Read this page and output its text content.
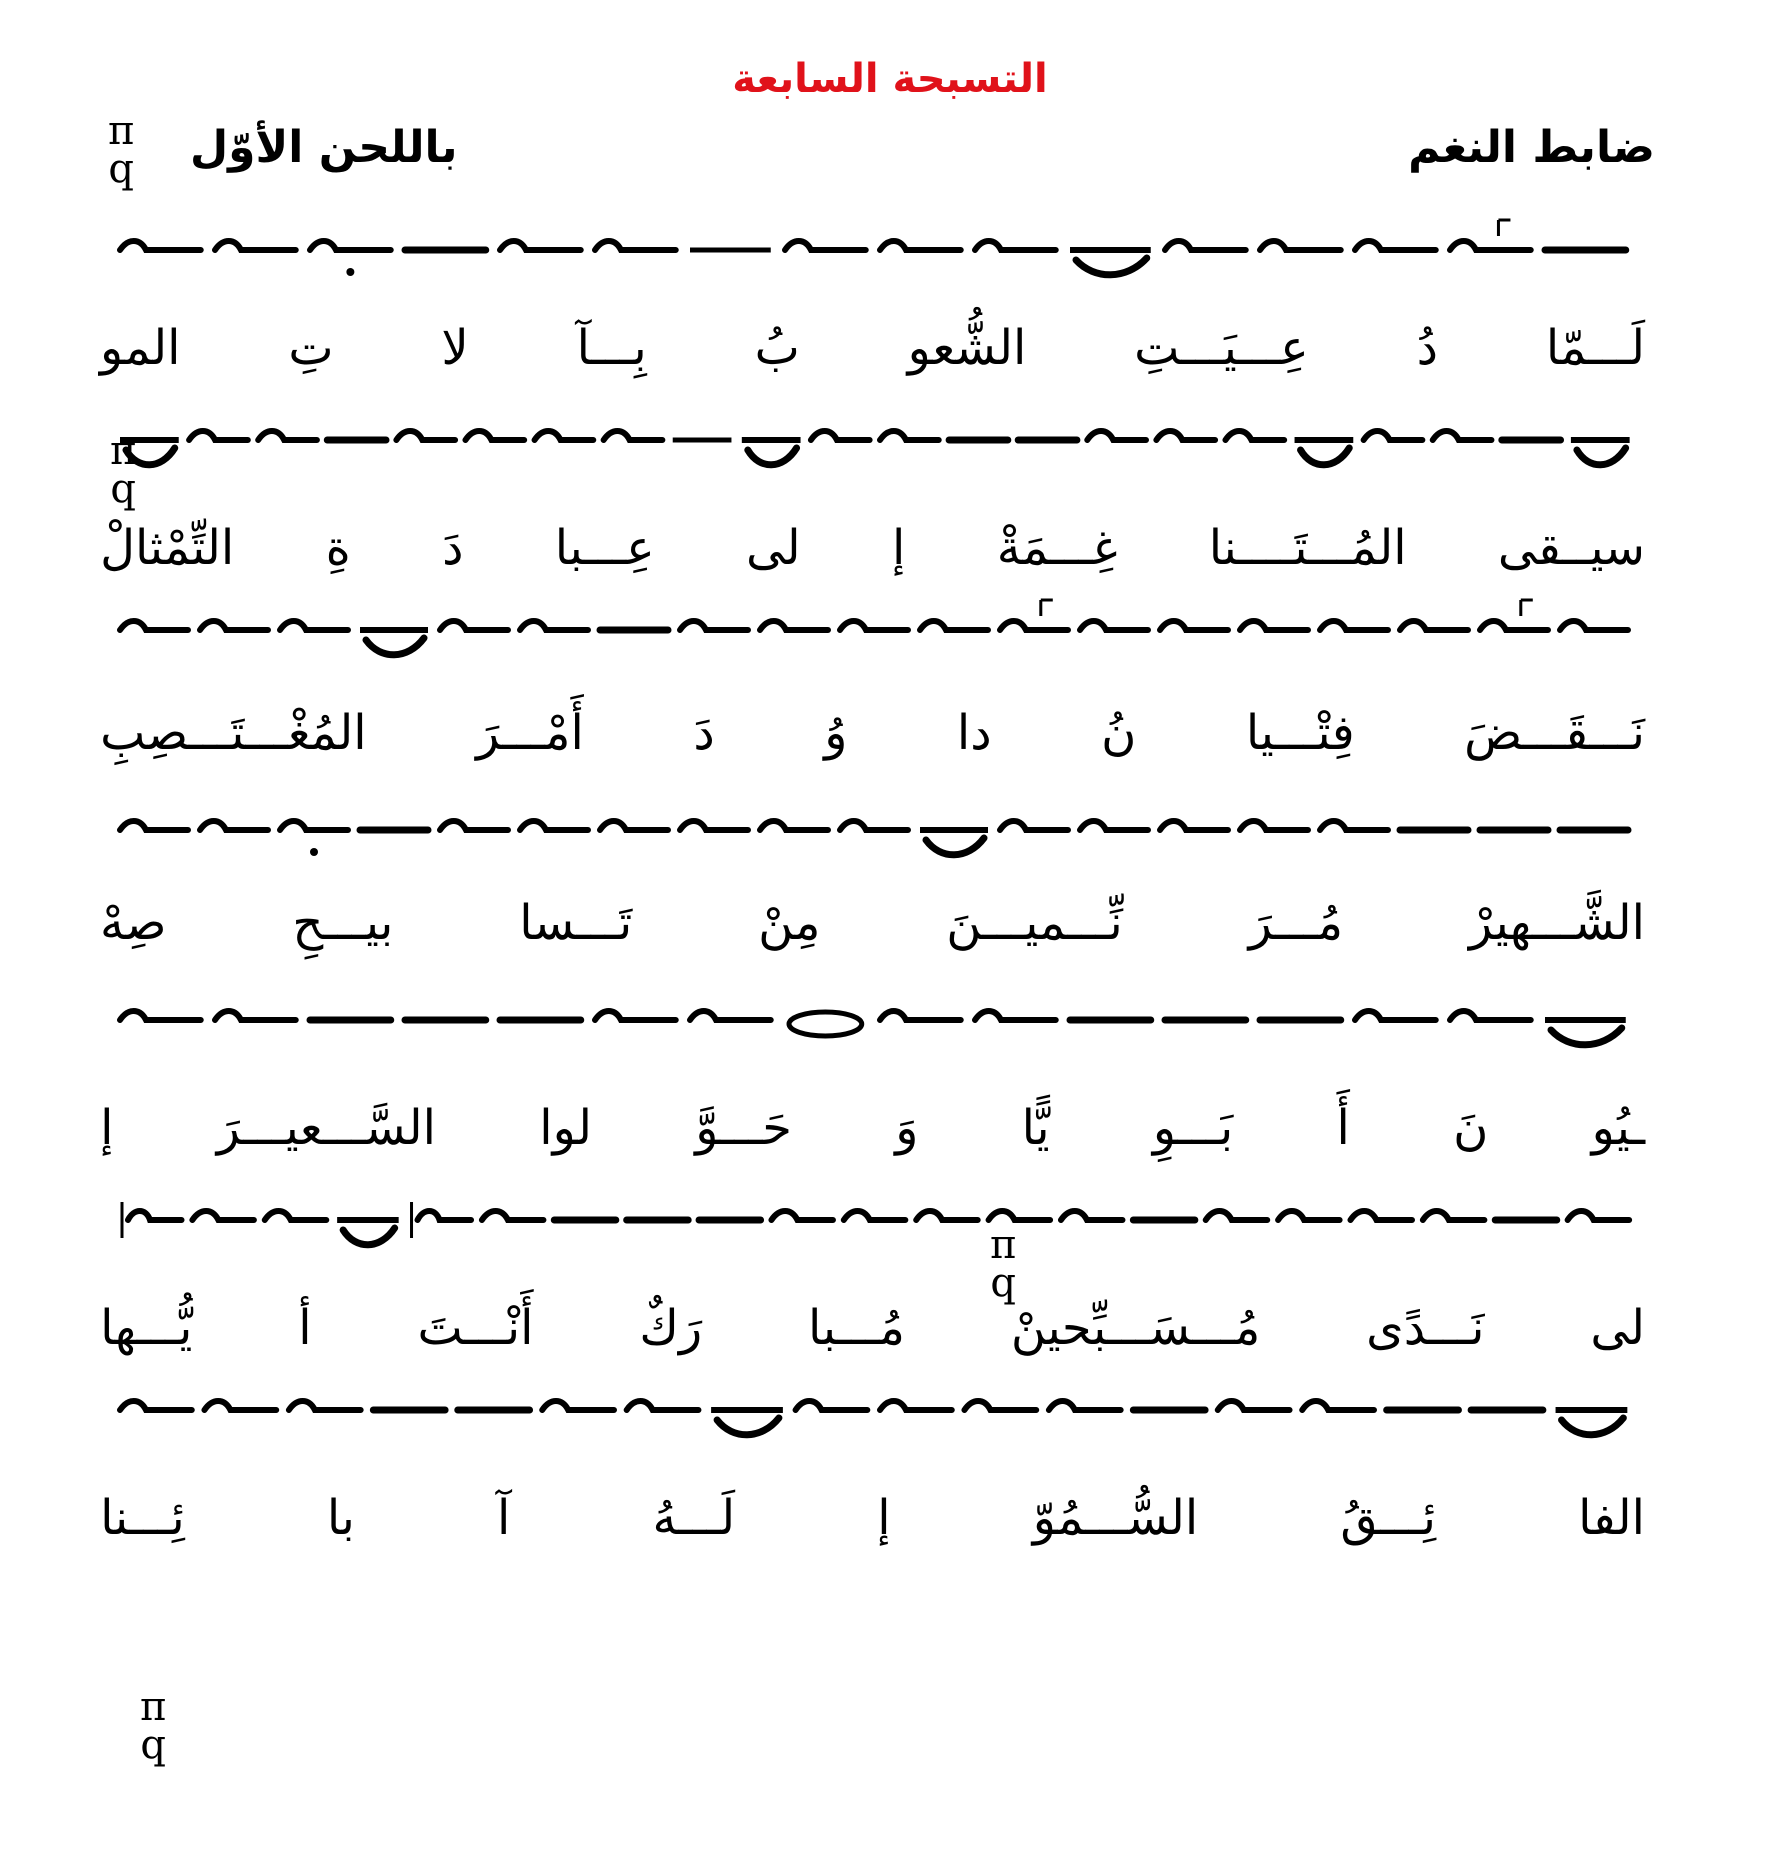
التسبحة السابعة
ضابط النغم
باللحن الأوّل
π
q
لَـــمّا
دُ
عِـــيَـــتِ
الشُّعو
بُ
بِـــآ
لا
تِ
المو
π
q
سيــقى
المُـــتَــــنا
غِـــمَةْ
إ
لى
عِـــبا
دَ
ةِ
التِّمْثالْ
نَـــقَـــضَ
فِتْـــيا
نُ
دا
وُ
دَ
أَمْـــرَ
المُغْـــتَـــصِبِ
الشَّـــهيرْ
مُـــرَ
نِّـــميـــنَ
مِنْ
تَـــسا
بيـــحِ
صِهْ
ـيُو
نَ
أَ
بَـــوِ
يًّا
وَ
حَـــوَّ
لوا
السَّـــعيـــرَ
إ
π
q
لى
نَـــدًى
مُـــسَـــبِّحينْ
مُـــبا
رَكٌ
أَنْـــتَ
أ
يُّـــها
π
q
الفا
ئِـــقُ
السُّـــمُوّ
إ
لَـــهُ
آ
با
ئِـــنا
